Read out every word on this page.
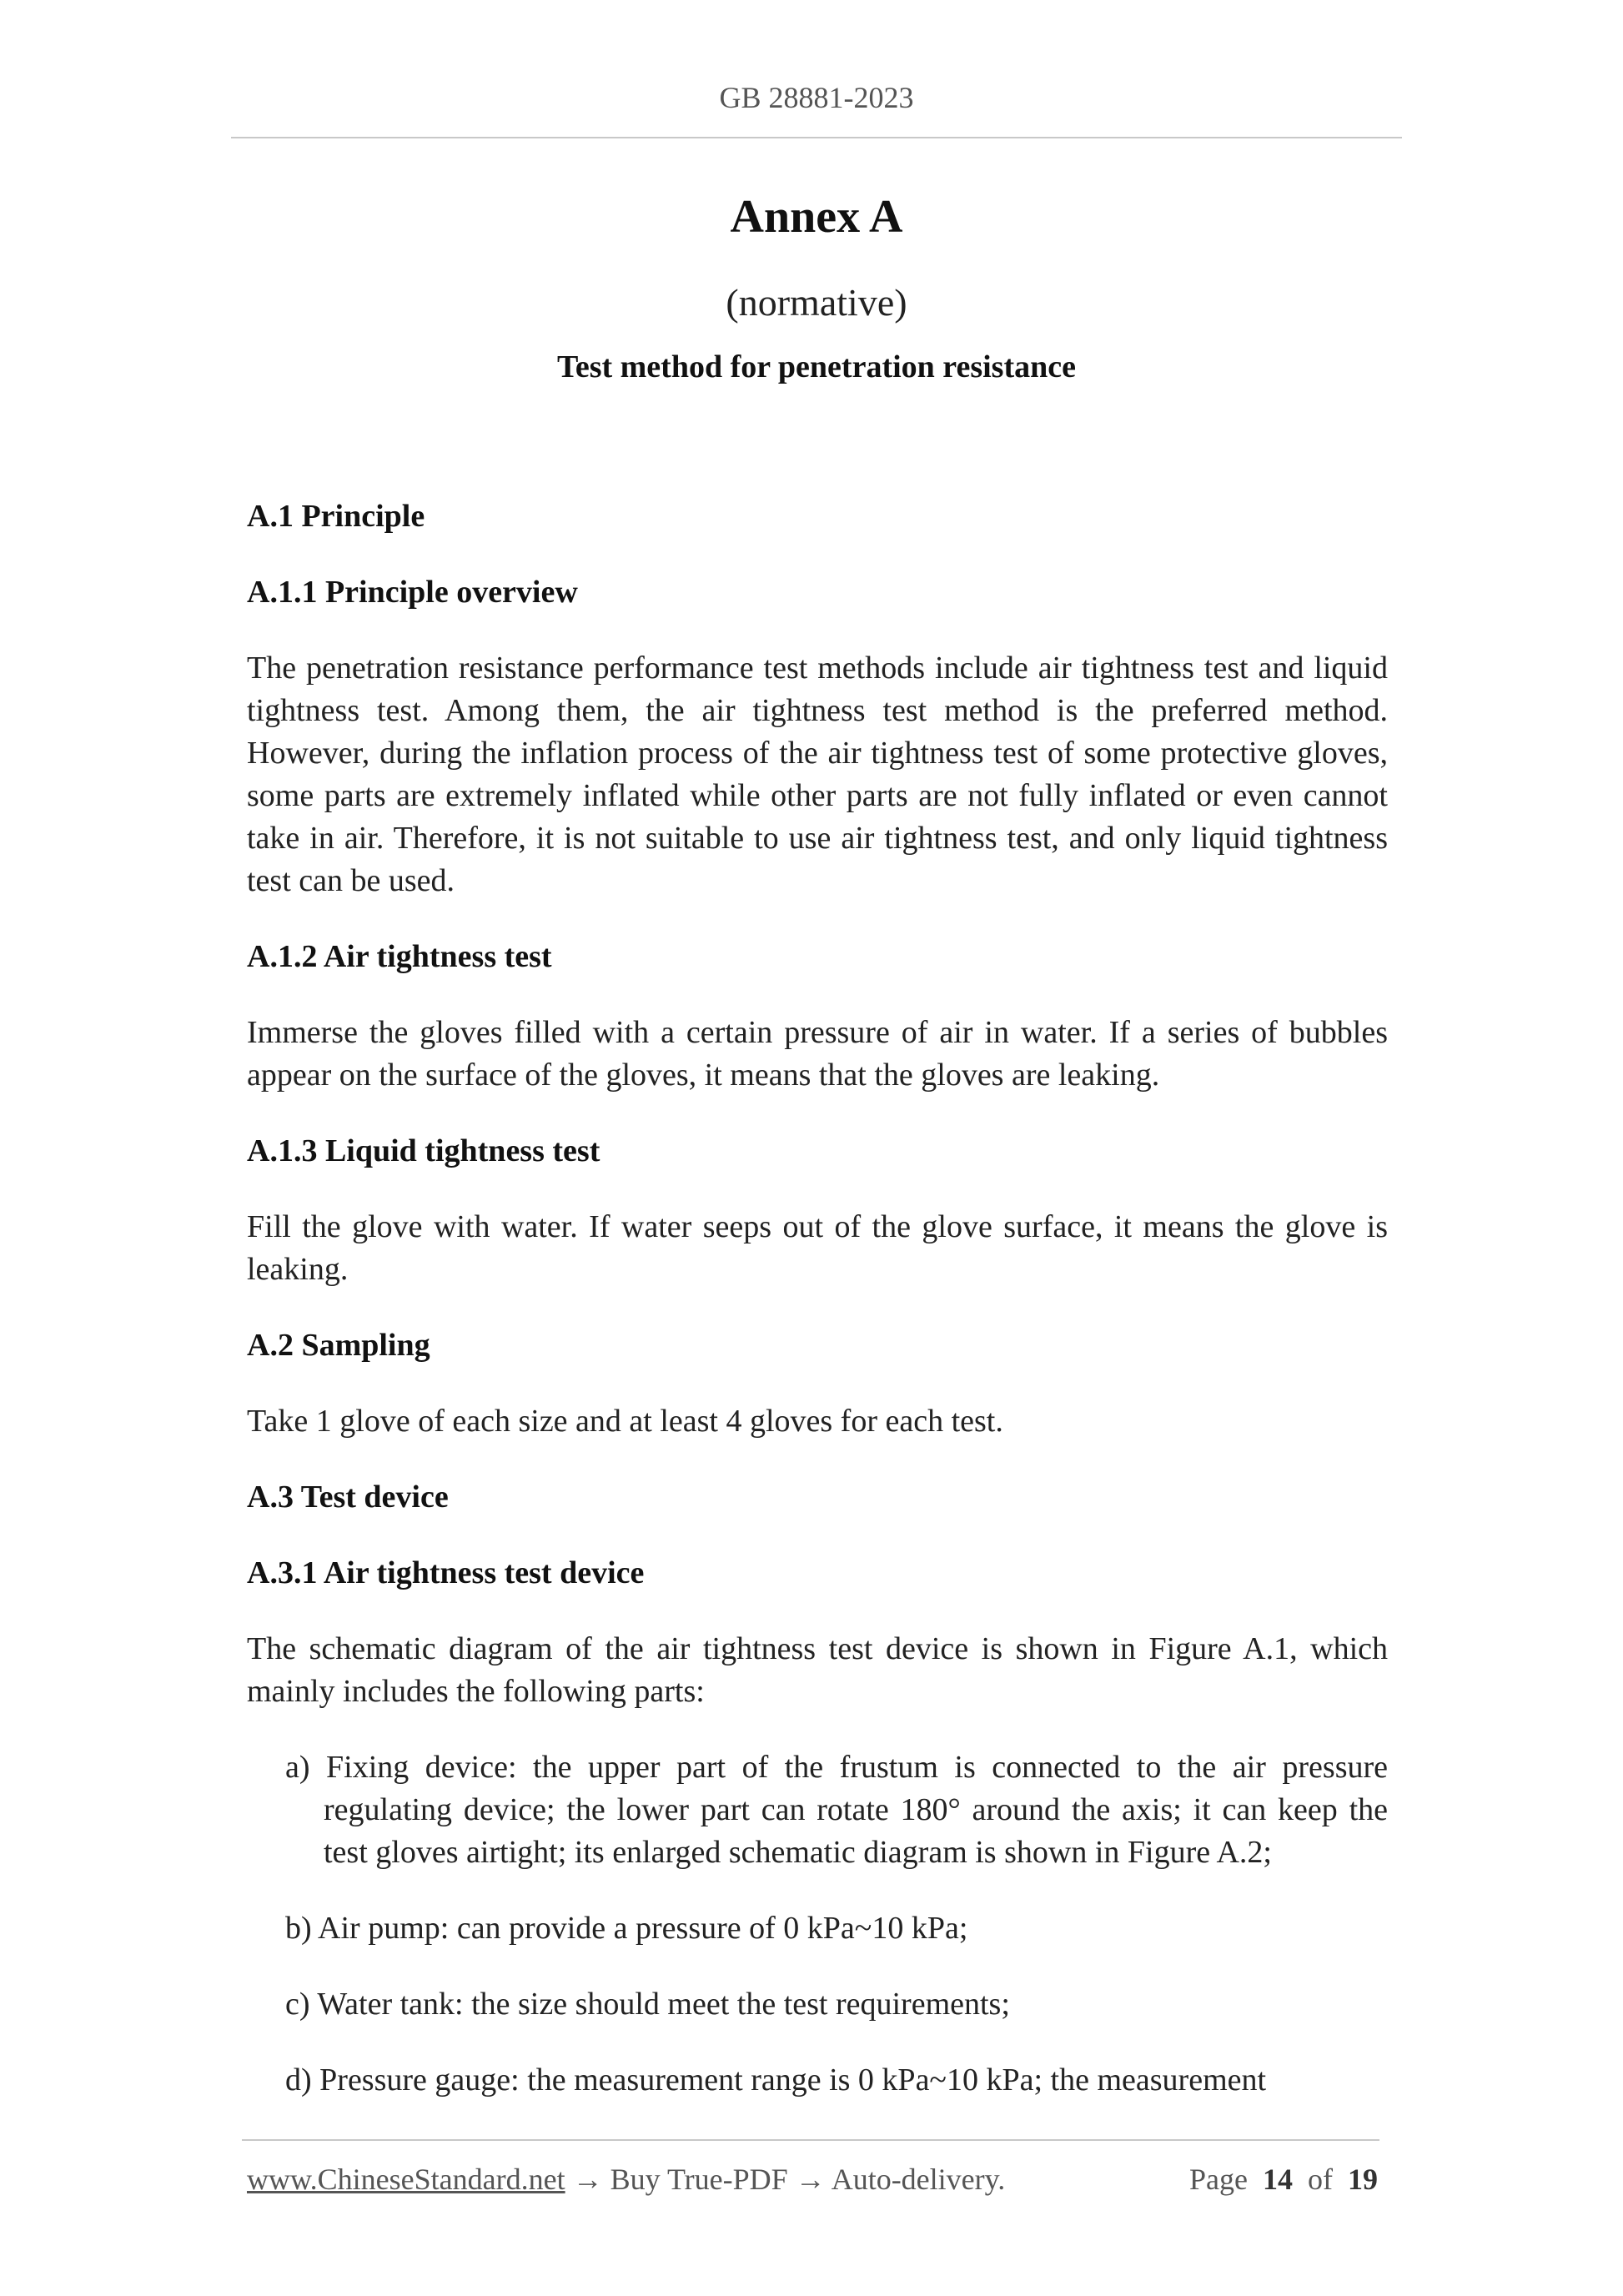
GB 28881-2023
Annex A
(normative)
Test method for penetration resistance
A.1 Principle
A.1.1 Principle overview

The penetration resistance performance test methods include air tightness test and liquid tightness test. Among them, the air tightness test method is the preferred method. However, during the inflation process of the air tightness test of some protective gloves, some parts are extremely inflated while other parts are not fully inflated or even cannot take in air. Therefore, it is not suitable to use air tightness test, and only liquid tightness test can be used.

A.1.2 Air tightness test

Immerse the gloves filled with a certain pressure of air in water. If a series of bubbles appear on the surface of the gloves, it means that the gloves are leaking.

A.1.3 Liquid tightness test

Fill the glove with water. If water seeps out of the glove surface, it means the glove is leaking.

A.2 Sampling

Take 1 glove of each size and at least 4 gloves for each test.

A.3 Test device
A.3.1 Air tightness test device

The schematic diagram of the air tightness test device is shown in Figure A.1, which mainly includes the following parts:

a) Fixing device: the upper part of the frustum is connected to the air pressure regulating device; the lower part can rotate 180° around the axis; it can keep the test gloves airtight; its enlarged schematic diagram is shown in Figure A.2;
b) Air pump: can provide a pressure of 0 kPa~10 kPa;
c) Water tank: the size should meet the test requirements;
d) Pressure gauge: the measurement range is 0 kPa~10 kPa; the measurement
www.ChineseStandard.net → Buy True-PDF → Auto-delivery.	Page 14 of 19
